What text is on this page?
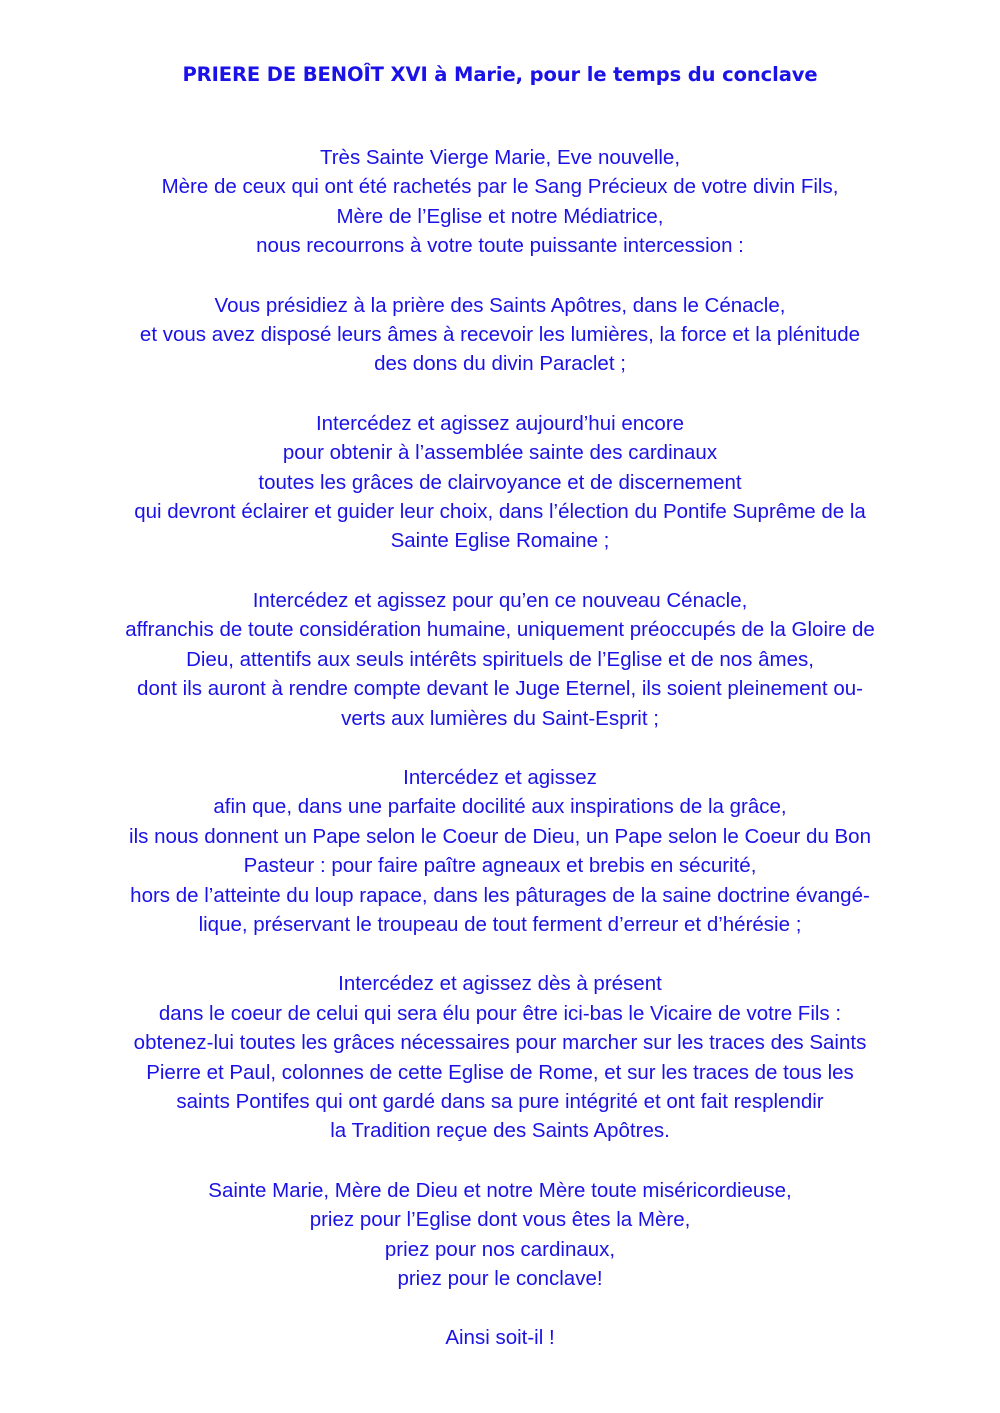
PRIERE DE BENOÎT XVI à Marie, pour le temps du conclave
Très Sainte Vierge Marie, Eve nouvelle,
Mère de ceux qui ont été rachetés par le Sang Précieux de votre divin Fils,
Mère de l’Eglise et notre Médiatrice,
nous recourrons à votre toute puissante intercession :
Vous présidiez à la prière des Saints Apôtres, dans le Cénacle,
et vous avez disposé leurs âmes à recevoir les lumières, la force et la plénitude
des dons du divin Paraclet ;
Intercédez et agissez aujourd’hui encore
pour obtenir à l’assemblée sainte des cardinaux
toutes les grâces de clairvoyance et de discernement
qui devront éclairer et guider leur choix, dans l’élection du Pontife Suprême de la
Sainte Eglise Romaine ;
Intercédez et agissez pour qu’en ce nouveau Cénacle,
affranchis de toute considération humaine, uniquement préoccupés de la Gloire de
Dieu, attentifs aux seuls intérêts spirituels de l’Eglise et de nos âmes,
dont ils auront à rendre compte devant le Juge Eternel, ils soient pleinement ou-
verts aux lumières du Saint-Esprit ;
Intercédez et agissez
afin que, dans une parfaite docilité aux inspirations de la grâce,
ils nous donnent un Pape selon le Coeur de Dieu, un Pape selon le Coeur du Bon
Pasteur : pour faire paître agneaux et brebis en sécurité,
hors de l’atteinte du loup rapace, dans les pâturages de la saine doctrine évangé-
lique, préservant le troupeau de tout ferment d’erreur et d’hérésie ;
Intercédez et agissez dès à présent
dans le coeur de celui qui sera élu pour être ici-bas le Vicaire de votre Fils :
obtenez-lui toutes les grâces nécessaires pour marcher sur les traces des Saints
Pierre et Paul, colonnes de cette Eglise de Rome, et sur les traces de tous les
saints Pontifes qui ont gardé dans sa pure intégrité et ont fait resplendir
la Tradition reçue des Saints Apôtres.
Sainte Marie, Mère de Dieu et notre Mère toute miséricordieuse,
priez pour l’Eglise dont vous êtes la Mère,
priez pour nos cardinaux,
priez pour le conclave!
Ainsi soit-il !
